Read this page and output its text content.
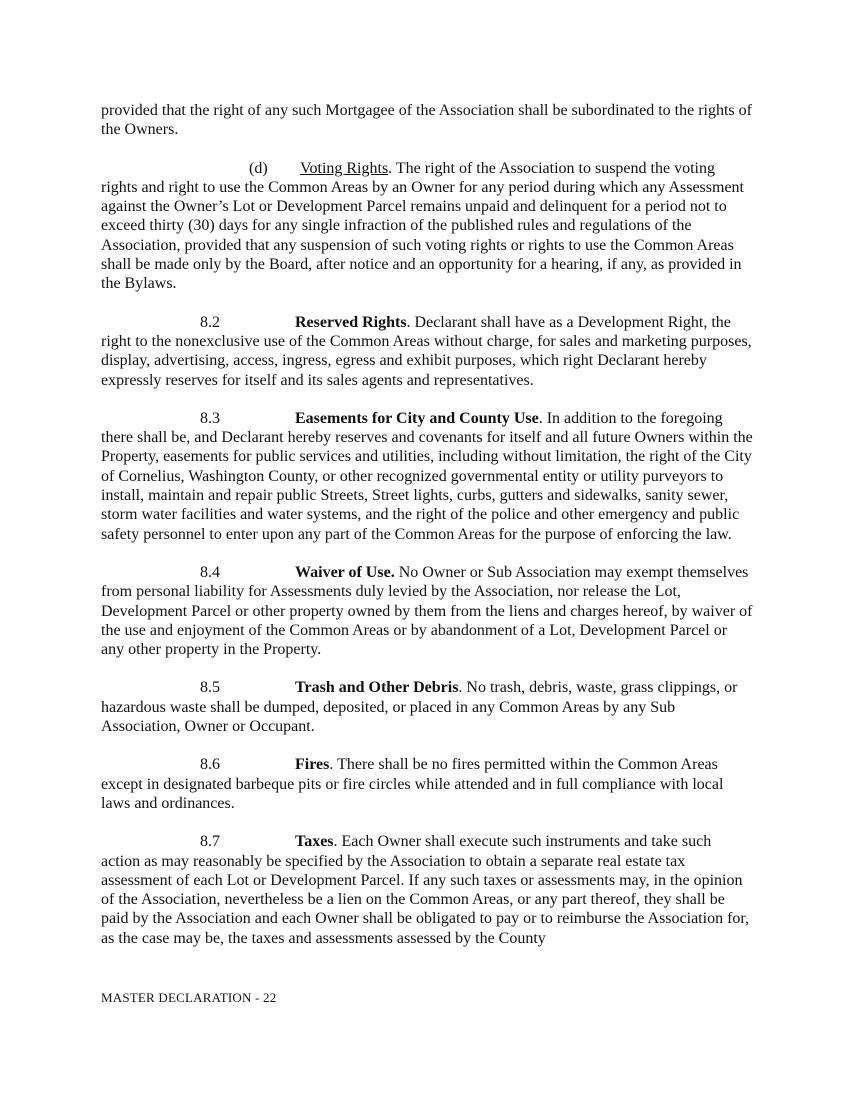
provided that the right of any such Mortgagee of the Association shall be subordinated to the rights of the Owners.

(d) Voting Rights. The right of the Association to suspend the voting rights and right to use the Common Areas by an Owner for any period during which any Assessment against the Owner’s Lot or Development Parcel remains unpaid and delinquent for a period not to exceed thirty (30) days for any single infraction of the published rules and regulations of the Association, provided that any suspension of such voting rights or rights to use the Common Areas shall be made only by the Board, after notice and an opportunity for a hearing, if any, as provided in the Bylaws.

8.2	Reserved Rights. Declarant shall have as a Development Right, the right to the nonexclusive use of the Common Areas without charge, for sales and marketing purposes, display, advertising, access, ingress, egress and exhibit purposes, which right Declarant hereby expressly reserves for itself and its sales agents and representatives.

8.3	Easements for City and County Use. In addition to the foregoing there shall be, and Declarant hereby reserves and covenants for itself and all future Owners within the Property, easements for public services and utilities, including without limitation, the right of the City of Cornelius, Washington County, or other recognized governmental entity or utility purveyors to install, maintain and repair public Streets, Street lights, curbs, gutters and sidewalks, sanity sewer, storm water facilities and water systems, and the right of the police and other emergency and public safety personnel to enter upon any part of the Common Areas for the purpose of enforcing the law.

8.4	Waiver of Use. No Owner or Sub Association may exempt themselves from personal liability for Assessments duly levied by the Association, nor release the Lot, Development Parcel or other property owned by them from the liens and charges hereof, by waiver of the use and enjoyment of the Common Areas or by abandonment of a Lot, Development Parcel or any other property in the Property.

8.5	Trash and Other Debris. No trash, debris, waste, grass clippings, or hazardous waste shall be dumped, deposited, or placed in any Common Areas by any Sub Association, Owner or Occupant.

8.6	Fires. There shall be no fires permitted within the Common Areas except in designated barbeque pits or fire circles while attended and in full compliance with local laws and ordinances.

8.7	Taxes. Each Owner shall execute such instruments and take such action as may reasonably be specified by the Association to obtain a separate real estate tax assessment of each Lot or Development Parcel. If any such taxes or assessments may, in the opinion of the Association, nevertheless be a lien on the Common Areas, or any part thereof, they shall be paid by the Association and each Owner shall be obligated to pay or to reimburse the Association for, as the case may be, the taxes and assessments assessed by the County

MASTER DECLARATION - 22
